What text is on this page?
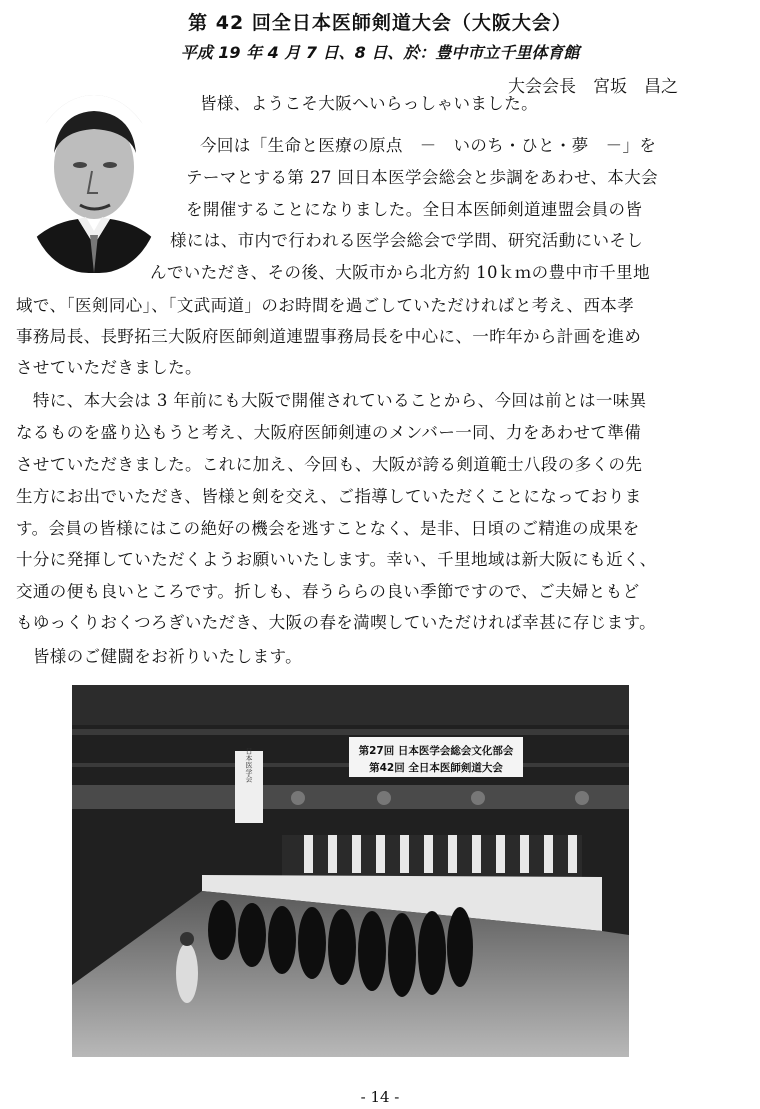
第 42 回全日本医師剣道大会（大阪大会）
平成 19 年 4 月 7 日、8 日、於：豊中市立千里体育館
大会会長　宮坂　昌之
皆様、ようこそ大阪へいらっしゃいました。
今回は「生命と医療の原点　－　いのち・ひと・夢　－」を
テーマとする第 27 回日本医学会総会と歩調をあわせ、本大会
を開催することになりました。全日本医師剣道連盟会員の皆
様には、市内で行われる医学会総会で学問、研究活動にいそし
んでいただき、その後、大阪市から北方約 10ｋｍの豊中市千里地
域で、「医剣同心」、「文武両道」のお時間を過ごしていただければと考え、西本孝
事務局長、長野拓三大阪府医師剣道連盟事務局長を中心に、一昨年から計画を進め
させていただきました。
　特に、本大会は 3 年前にも大阪で開催されていることから、今回は前とは一味異
なるものを盛り込もうと考え、大阪府医師剣連のメンバー一同、力をあわせて準備
させていただきました。これに加え、今回も、大阪が誇る剣道範士八段の多くの先
生方にお出でいただき、皆様と剣を交え、ご指導していただくことになっておりま
す。会員の皆様にはこの絶好の機会を逃すことなく、是非、日頃のご精進の成果を
十分に発揮していただくようお願いいたします。幸い、千里地域は新大阪にも近く、
交通の便も良いところです。折しも、春うららの良い季節ですので、ご夫婦ともど
もゆっくりおくつろぎいただき、大阪の春を満喫していただければ幸甚に存じます。
　皆様のご健闘をお祈りいたします。
第27回 日本医学会総会文化部会
第42回 全日本医師剣道大会
日本医学会
- 14 -
